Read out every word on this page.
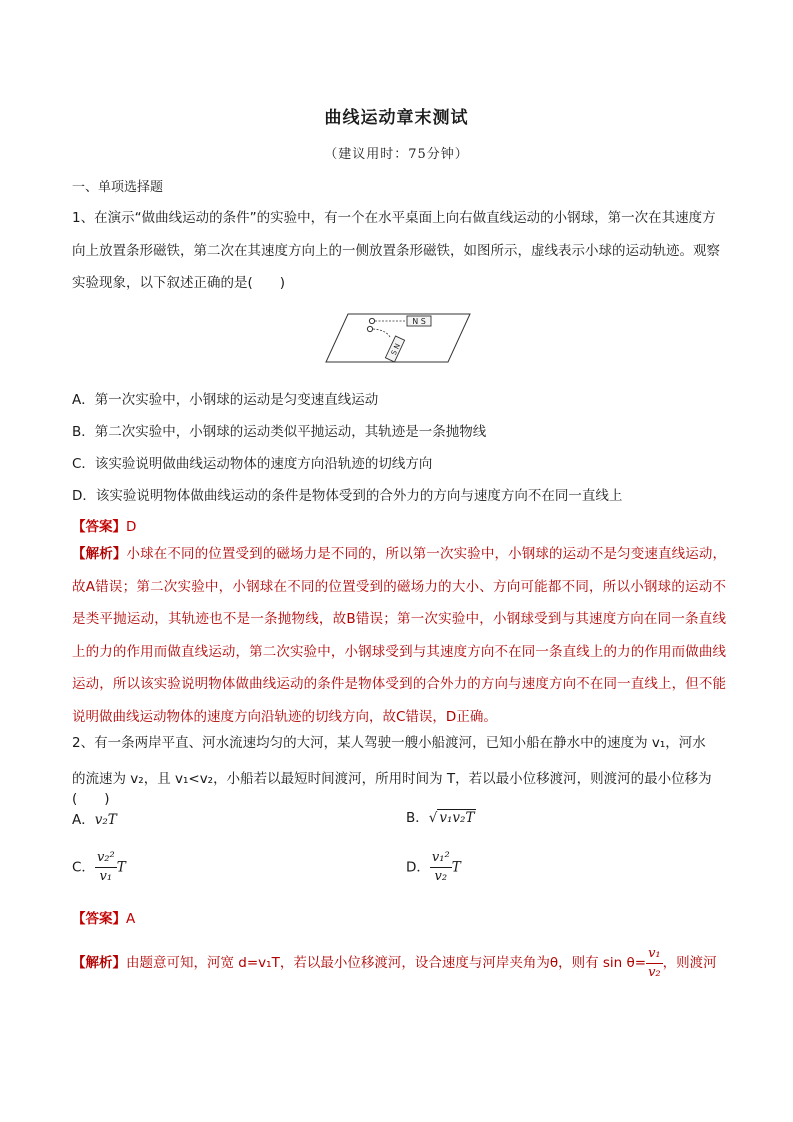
曲线运动章末测试
（建议用时：75分钟）
一、单项选择题
1、在演示“做曲线运动的条件”的实验中，有一个在水平桌面上向右做直线运动的小钢球，第一次在其速度方向上放置条形磁铁，第二次在其速度方向上的一侧放置条形磁铁，如图所示，虚线表示小球的运动轨迹。观察实验现象，以下叙述正确的是(　　)
N S
S N
A．第一次实验中，小钢球的运动是匀变速直线运动
B．第二次实验中，小钢球的运动类似平抛运动，其轨迹是一条抛物线
C．该实验说明做曲线运动物体的速度方向沿轨迹的切线方向
D．该实验说明物体做曲线运动的条件是物体受到的合外力的方向与速度方向不在同一直线上
【答案】D
【解析】小球在不同的位置受到的磁场力是不同的，所以第一次实验中，小钢球的运动不是匀变速直线运动，故A错误；第二次实验中，小钢球在不同的位置受到的磁场力的大小、方向可能都不同，所以小钢球的运动不是类平抛运动，其轨迹也不是一条抛物线，故B错误；第一次实验中，小钢球受到与其速度方向在同一条直线上的力的作用而做直线运动，第二次实验中，小钢球受到与其速度方向不在同一条直线上的力的作用而做曲线运动，所以该实验说明物体做曲线运动的条件是物体受到的合外力的方向与速度方向不在同一直线上，但不能说明做曲线运动物体的速度方向沿轨迹的切线方向，故C错误，D正确。
2、有一条两岸平直、河水流速均匀的大河，某人驾驶一艘小船渡河，已知小船在静水中的速度为 v₁，河水
的流速为 v₂，且 v₁<v₂，小船若以最短时间渡河，所用时间为 T，若以最小位移渡河，则渡河的最小位移为(　　)
A．v₂T	B．√ v₁v₂T
C． $\frac{\text{v₂²}}{\text{v₁}}$ T	D． $\frac{\text{v₁²}}{\text{v₂}}$ T
【答案】A
【解析】由题意可知，河宽 d=v₁T，若以最小位移渡河，设合速度与河岸夹角为θ，则有 $\sin \theta= \frac{\text{v₁}}{\text{v₂}}$ ，则渡河
